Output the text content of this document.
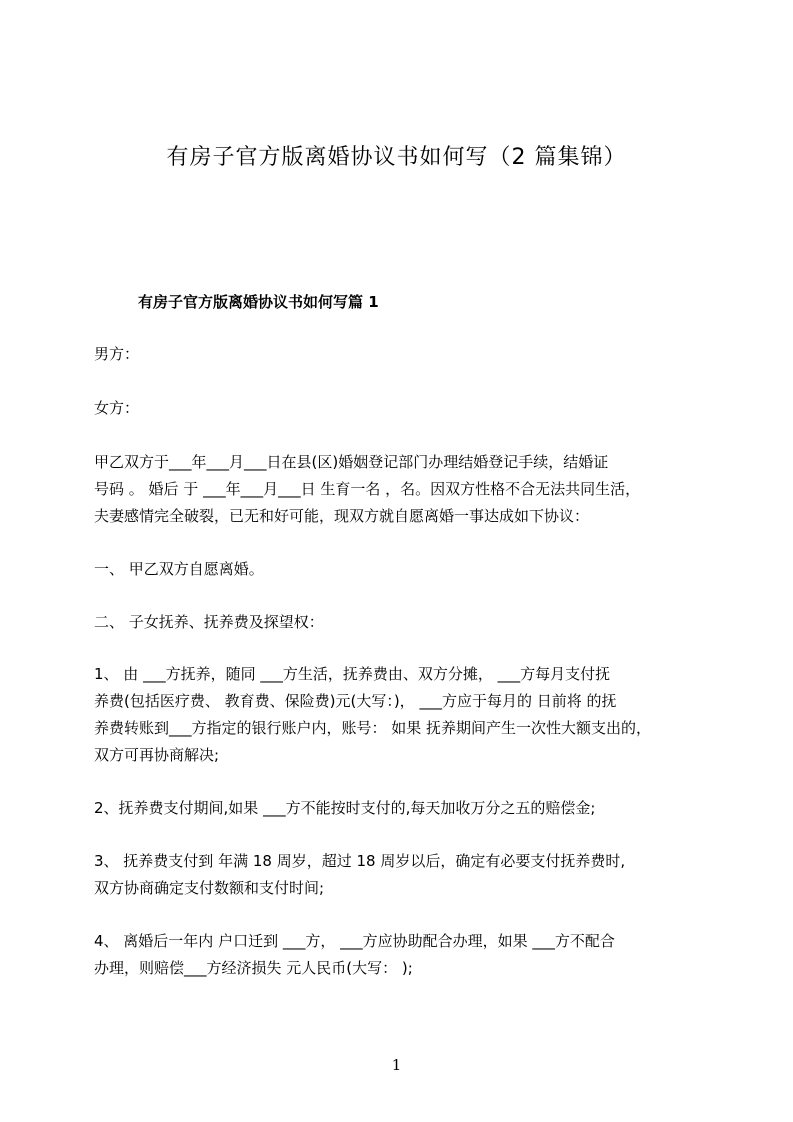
有房子官方版离婚协议书如何写（2 篇集锦）
有房子官方版离婚协议书如何写篇 1

男方：

女方：

甲乙双方于___年___月___日在县(区)婚姻登记部门办理结婚登记手续，结婚证
号码 。 婚后 于 ___年___月___日 生育一名 ，名。因双方性格不合无法共同生活，
夫妻感情完全破裂，已无和好可能，现双方就自愿离婚一事达成如下协议：

一、 甲乙双方自愿离婚。

二、 子女抚养、抚养费及探望权：

1、 由 ___方抚养，随同 ___方生活，抚养费由、双方分摊， ___方每月支付抚
养费(包括医疗费、 教育费、保险费)元(大写：)， ___方应于每月的 日前将 的抚
养费转账到___方指定的银行账户内，账号： 如果 抚养期间产生一次性大额支出的，
双方可再协商解决;

2、抚养费支付期间,如果 ___方不能按时支付的,每天加收万分之五的赔偿金;

3、 抚养费支付到 年满 18 周岁，超过 18 周岁以后，确定有必要支付抚养费时,
双方协商确定支付数额和支付时间;

4、 离婚后一年内 户口迁到 ___方， ___方应协助配合办理，如果 ___方不配合
办理，则赔偿___方经济损失 元人民币(大写： );

1
